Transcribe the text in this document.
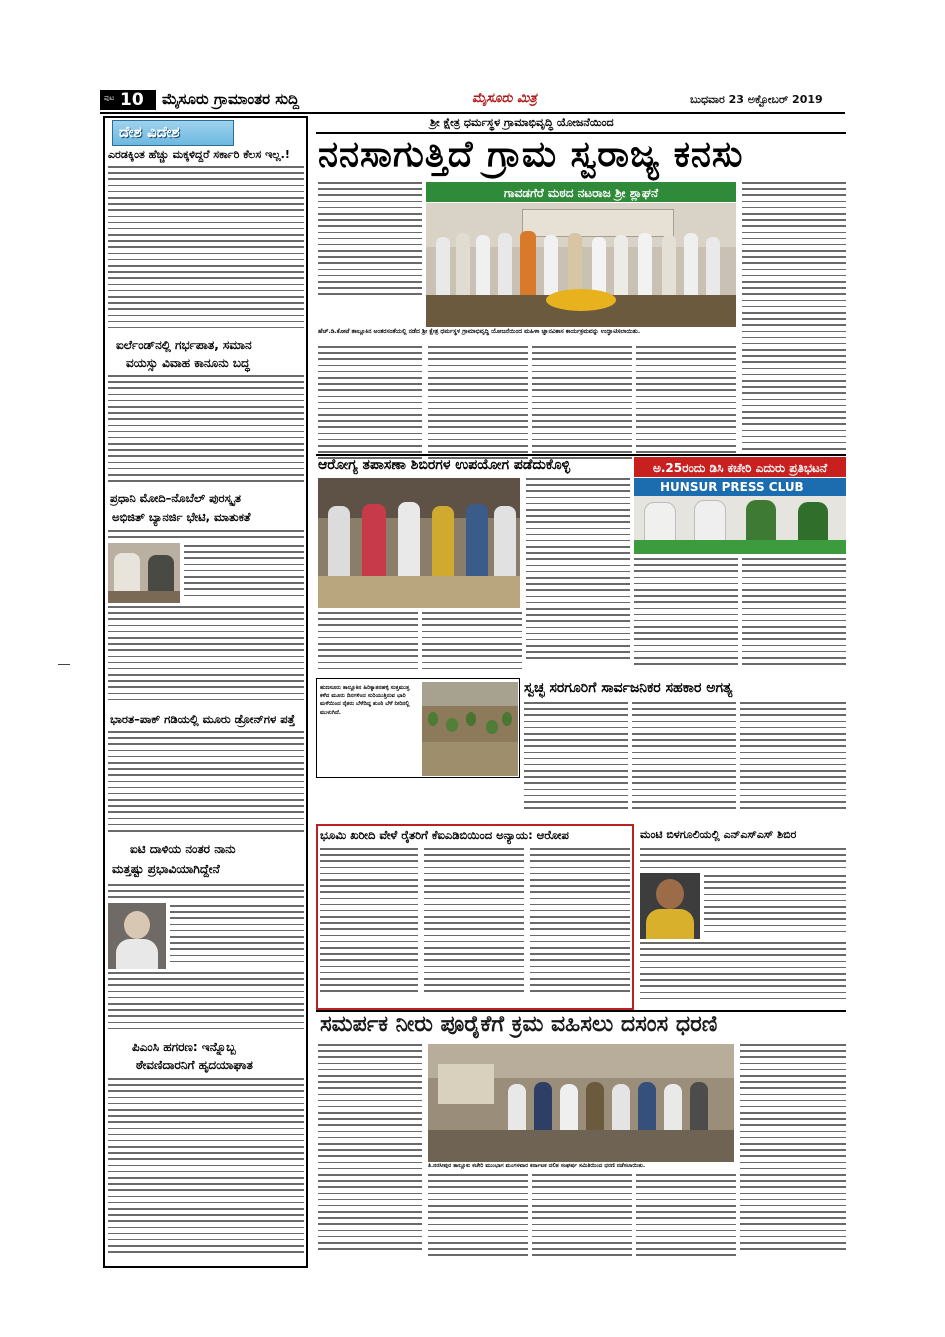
ಪುಟ 10 ಮೈಸೂರು ಗ್ರಾಮಾಂತರ ಸುದ್ದಿ	ಮೈಸೂರು ಮಿತ್ರ	ಬುಧವಾರ 23 ಅಕ್ಟೋಬರ್ 2019
ದೇಶ ವಿದೇಶ
ಎರಡಕ್ಕಿಂತ ಹೆಚ್ಚು ಮಕ್ಕಳಿದ್ದರೆ ಸರ್ಕಾರಿ ಕೆಲಸ ಇಲ್ಲ.!
ಐರ್ಲೆಂಡ್‌ನಲ್ಲಿ ಗರ್ಭಪಾತ, ಸಮಾನ
ವಯಸ್ಸು ವಿವಾಹ ಕಾನೂನು ಬದ್ಧ
ಪ್ರಧಾನಿ ಮೋದಿ–ನೊಬೆಲ್ ಪುರಸ್ಕೃತ
ಅಭಿಜಿತ್ ಬ್ಯಾನರ್ಜಿ ಭೇಟಿ, ಮಾತುಕತೆ
ಭಾರತ–ಪಾಕ್ ಗಡಿಯಲ್ಲಿ ಮೂರು ಡ್ರೋನ್‌ಗಳ ಪತ್ತೆ
ಐಟಿ ದಾಳಿಯ ನಂತರ ನಾನು
ಮತ್ತಷ್ಟು ಪ್ರಭಾವಿಯಾಗಿದ್ದೇನೆ
ಪಿಎಂಸಿ ಹಗರಣ: ಇನ್ನೊಬ್ಬ
ಠೇವಣಿದಾರನಿಗೆ ಹೃದಯಾಘಾತ
ಶ್ರೀ ಕ್ಷೇತ್ರ ಧರ್ಮಸ್ಥಳ ಗ್ರಾಮಾಭಿವೃದ್ಧಿ ಯೋಜನೆಯಿಂದ
ನನಸಾಗುತ್ತಿದೆ ಗ್ರಾಮ ಸ್ವರಾಜ್ಯ ಕನಸು
ಗಾವಡಗೆರೆ ಮಠದ ನಟರಾಜ ಶ್ರೀ ಶ್ಲಾಘನೆ
ಹೆಚ್.ಡಿ.ಕೋಟೆ ತಾಲ್ಲೂಕಿನ ಅಂತರಸಂತೆಯಲ್ಲಿ ನಡೆದ ಶ್ರೀ ಕ್ಷೇತ್ರ ಧರ್ಮಸ್ಥಳ ಗ್ರಾಮಾಭಿವೃದ್ಧಿ ಯೋಜನೆಯಿಂದ ಮಹಿಳಾ ಜ್ಞಾನವಿಕಾಸ ಕಾರ್ಯಕ್ರಮವನ್ನು ಉದ್ಘಾಟಿಸಲಾಯಿತು.
ಆರೋಗ್ಯ ತಪಾಸಣಾ ಶಿಬಿರಗಳ ಉಪಯೋಗ ಪಡೆದುಕೊಳ್ಳಿ	ಅ.25ರಂದು ಡಿಸಿ ಕಚೇರಿ ಎದುರು ಪ್ರತಿಭಟನೆ
HUNSUR PRESS CLUB
ಹುಣಸೂರು ತಾಲ್ಲೂಕಿನ ಹಿರಿಕ್ಯಾತನಹಳ್ಳಿ ಸುತ್ತಮುತ್ತ ಕಳೆದ ಮೂರು ದಿನಗಳಿಂದ ಸುರಿಯುತ್ತಿರುವ ಭಾರಿ ಮಳೆಯಿಂದ ರೈತರು ಬೆಳೆದಿದ್ದ ಶುಂಠಿ ಬೆಳೆ ನೀರಿನಲ್ಲಿ ಮುಳುಗಿದೆ.
ಸ್ವಚ್ಛ ಸರಗೂರಿಗೆ ಸಾರ್ವಜನಿಕರ ಸಹಕಾರ ಅಗತ್ಯ
ಭೂಮಿ ಖರೀದಿ ವೇಳೆ ರೈತರಿಗೆ ಕೆಐಎಡಿಬಿಯಿಂದ ಅನ್ಯಾಯ: ಆರೋಪ	ಮಂಟಿ ಬಿಳಗೂಲಿಯಲ್ಲಿ ಎನ್‌ಎಸ್‌ಎಸ್ ಶಿಬಿರ
ಸಮರ್ಪಕ ನೀರು ಪೂರೈಕೆಗೆ ಕ್ರಮ ವಹಿಸಲು ದಸಂಸ ಧರಣಿ
ತಿ.ನರಸೀಪುರ ತಾಲ್ಲೂಕು ಕಚೇರಿ ಮುಂಭಾಗ ಮಂಗಳವಾರ ಕರ್ನಾಟಕ ದಲಿತ ಸಂಘರ್ಷ ಸಮಿತಿಯಿಂದ ಧರಣಿ ನಡೆಸಲಾಯಿತು.
